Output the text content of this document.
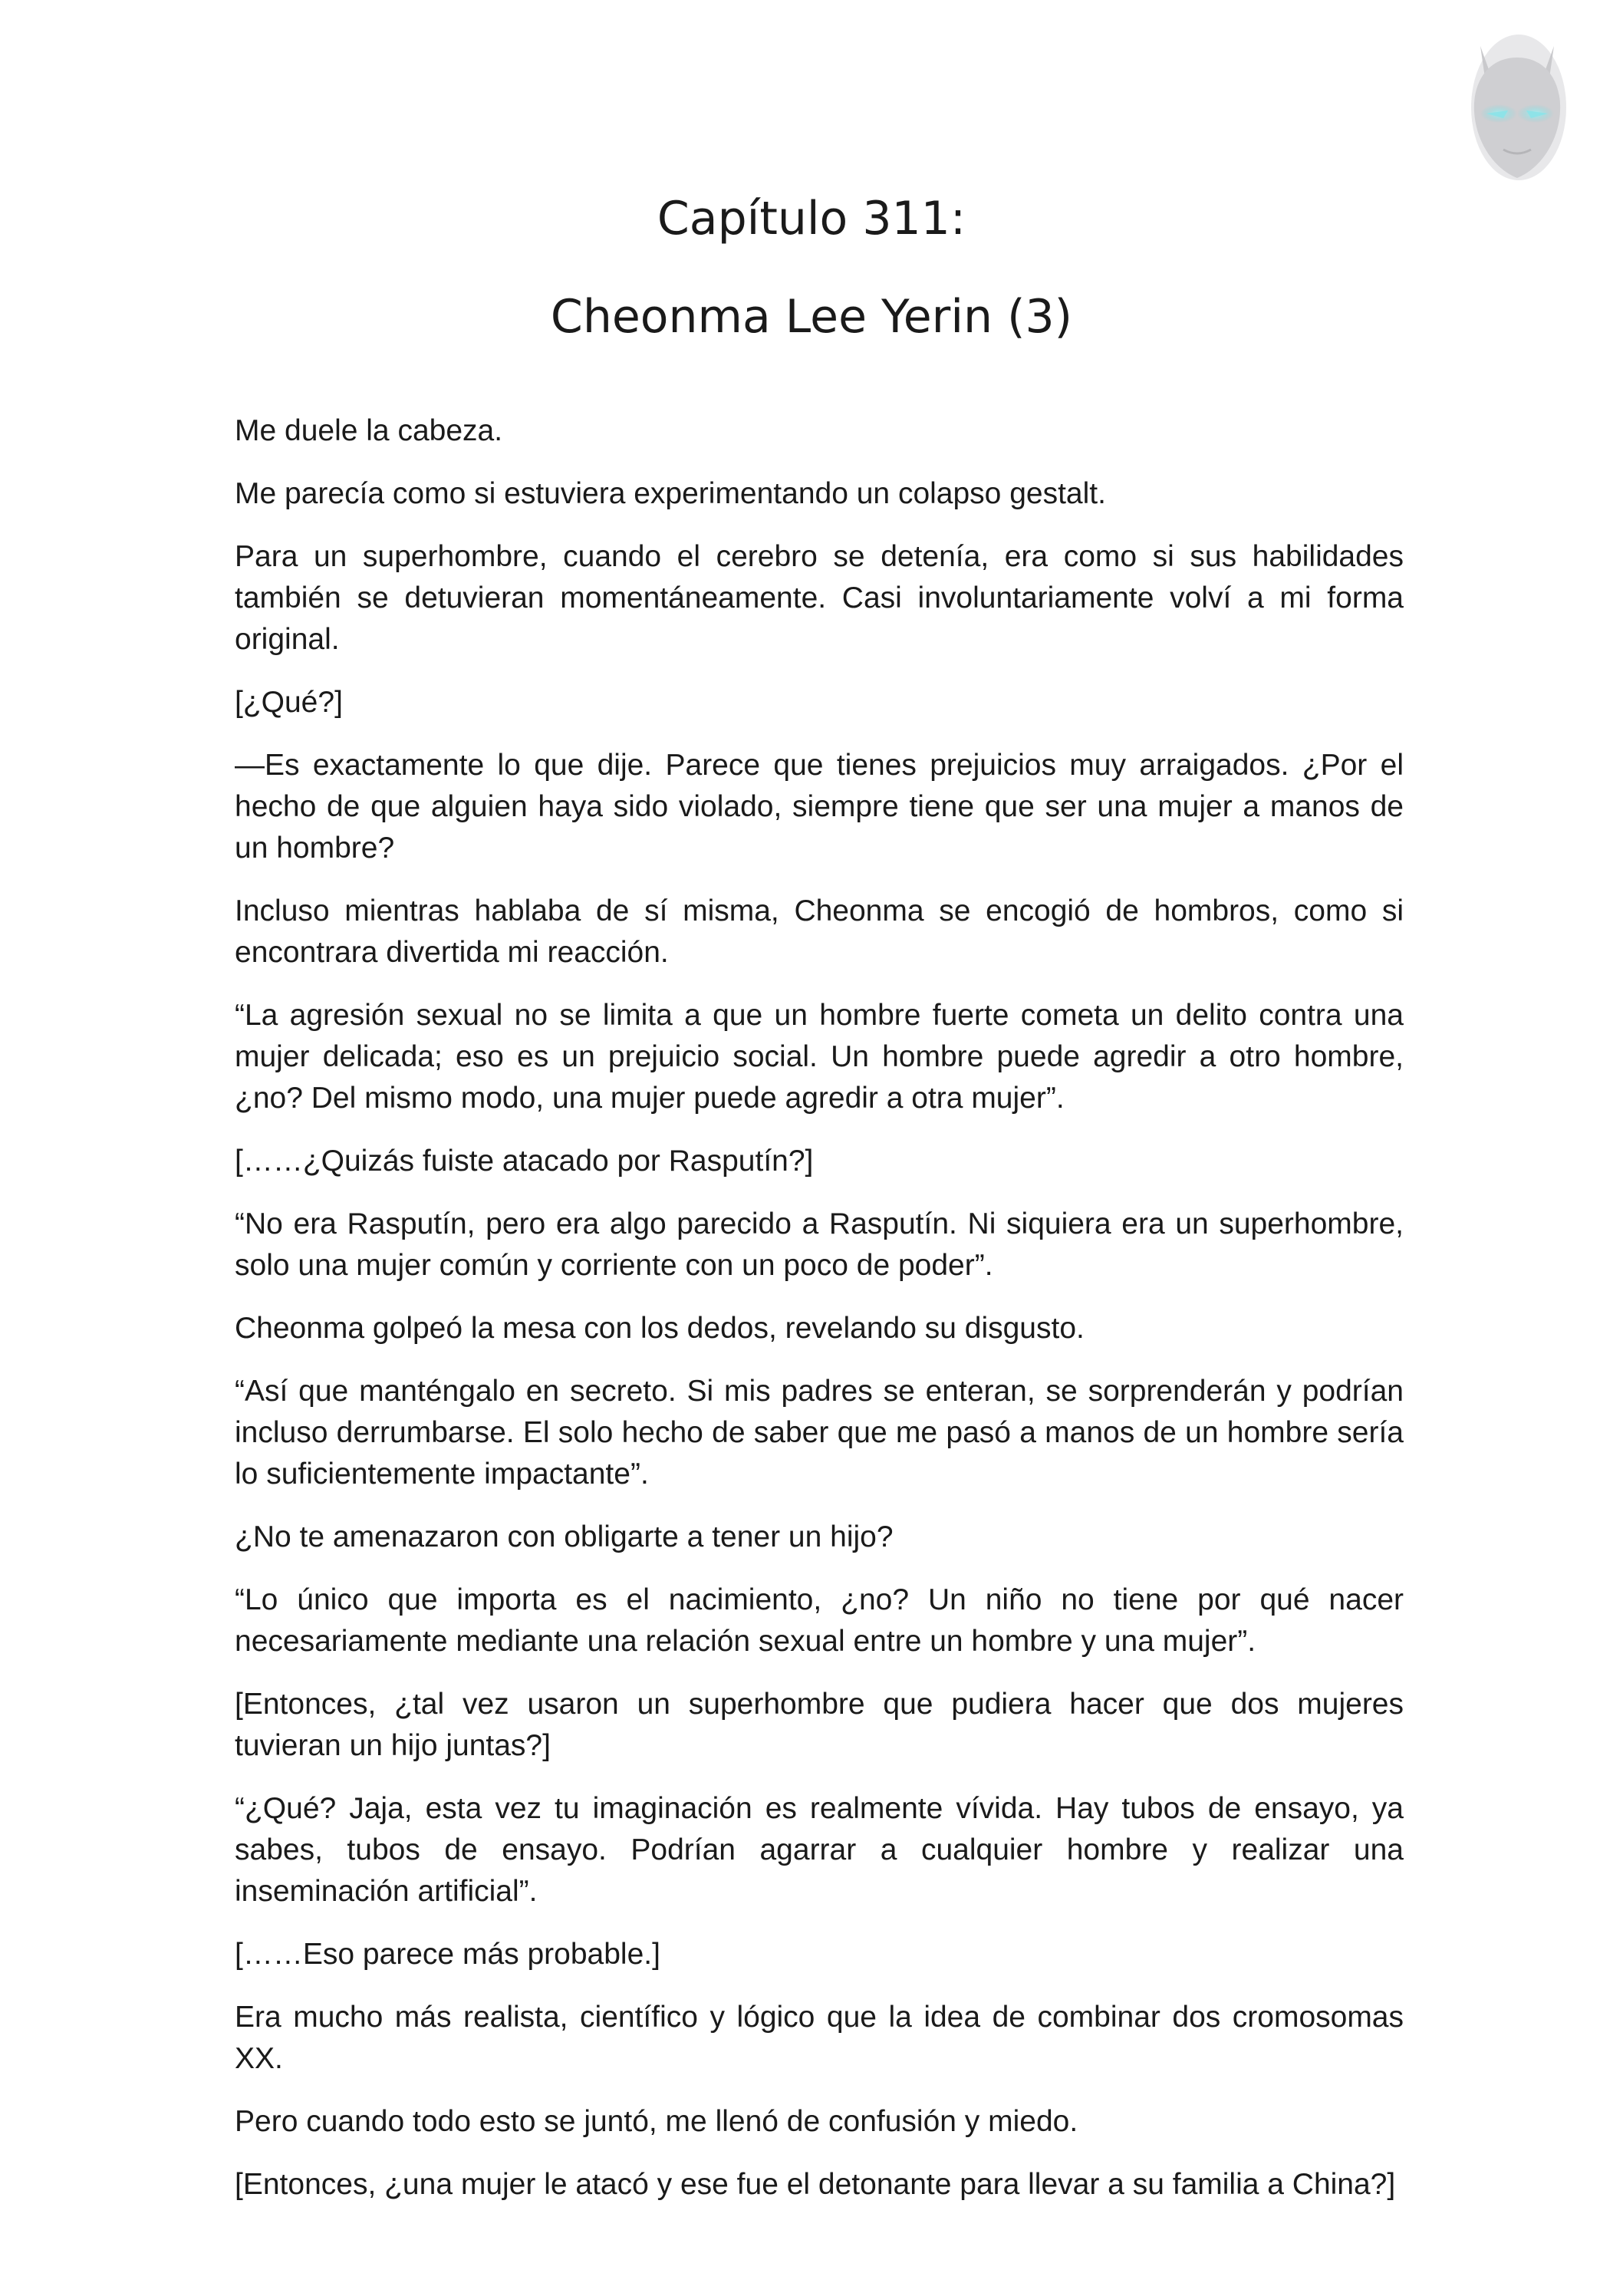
Capítulo 311:
Cheonma Lee Yerin (3)

Me duele la cabeza.

Me parecía como si estuviera experimentando un colapso gestalt.

Para un superhombre, cuando el cerebro se detenía, era como si sus habilidades también se detuvieran momentáneamente. Casi involuntariamente volví a mi forma original.

[¿Qué?]

—Es exactamente lo que dije. Parece que tienes prejuicios muy arraigados. ¿Por el hecho de que alguien haya sido violado, siempre tiene que ser una mujer a manos de un hombre?

Incluso mientras hablaba de sí misma, Cheonma se encogió de hombros, como si encontrara divertida mi reacción.

“La agresión sexual no se limita a que un hombre fuerte cometa un delito contra una mujer delicada; eso es un prejuicio social. Un hombre puede agredir a otro hombre, ¿no? Del mismo modo, una mujer puede agredir a otra mujer”.

[……¿Quizás fuiste atacado por Rasputín?]

“No era Rasputín, pero era algo parecido a Rasputín. Ni siquiera era un superhombre, solo una mujer común y corriente con un poco de poder”.

Cheonma golpeó la mesa con los dedos, revelando su disgusto.

“Así que manténgalo en secreto. Si mis padres se enteran, se sorprenderán y podrían incluso derrumbarse. El solo hecho de saber que me pasó a manos de un hombre sería lo suficientemente impactante”.

¿No te amenazaron con obligarte a tener un hijo?

“Lo único que importa es el nacimiento, ¿no? Un niño no tiene por qué nacer necesariamente mediante una relación sexual entre un hombre y una mujer”.

[Entonces, ¿tal vez usaron un superhombre que pudiera hacer que dos mujeres tuvieran un hijo juntas?]

“¿Qué? Jaja, esta vez tu imaginación es realmente vívida. Hay tubos de ensayo, ya sabes, tubos de ensayo. Podrían agarrar a cualquier hombre y realizar una inseminación artificial”.

[……Eso parece más probable.]

Era mucho más realista, científico y lógico que la idea de combinar dos cromosomas XX.

Pero cuando todo esto se juntó, me llenó de confusión y miedo.

[Entonces, ¿una mujer le atacó y ese fue el detonante para llevar a su familia a China?]
